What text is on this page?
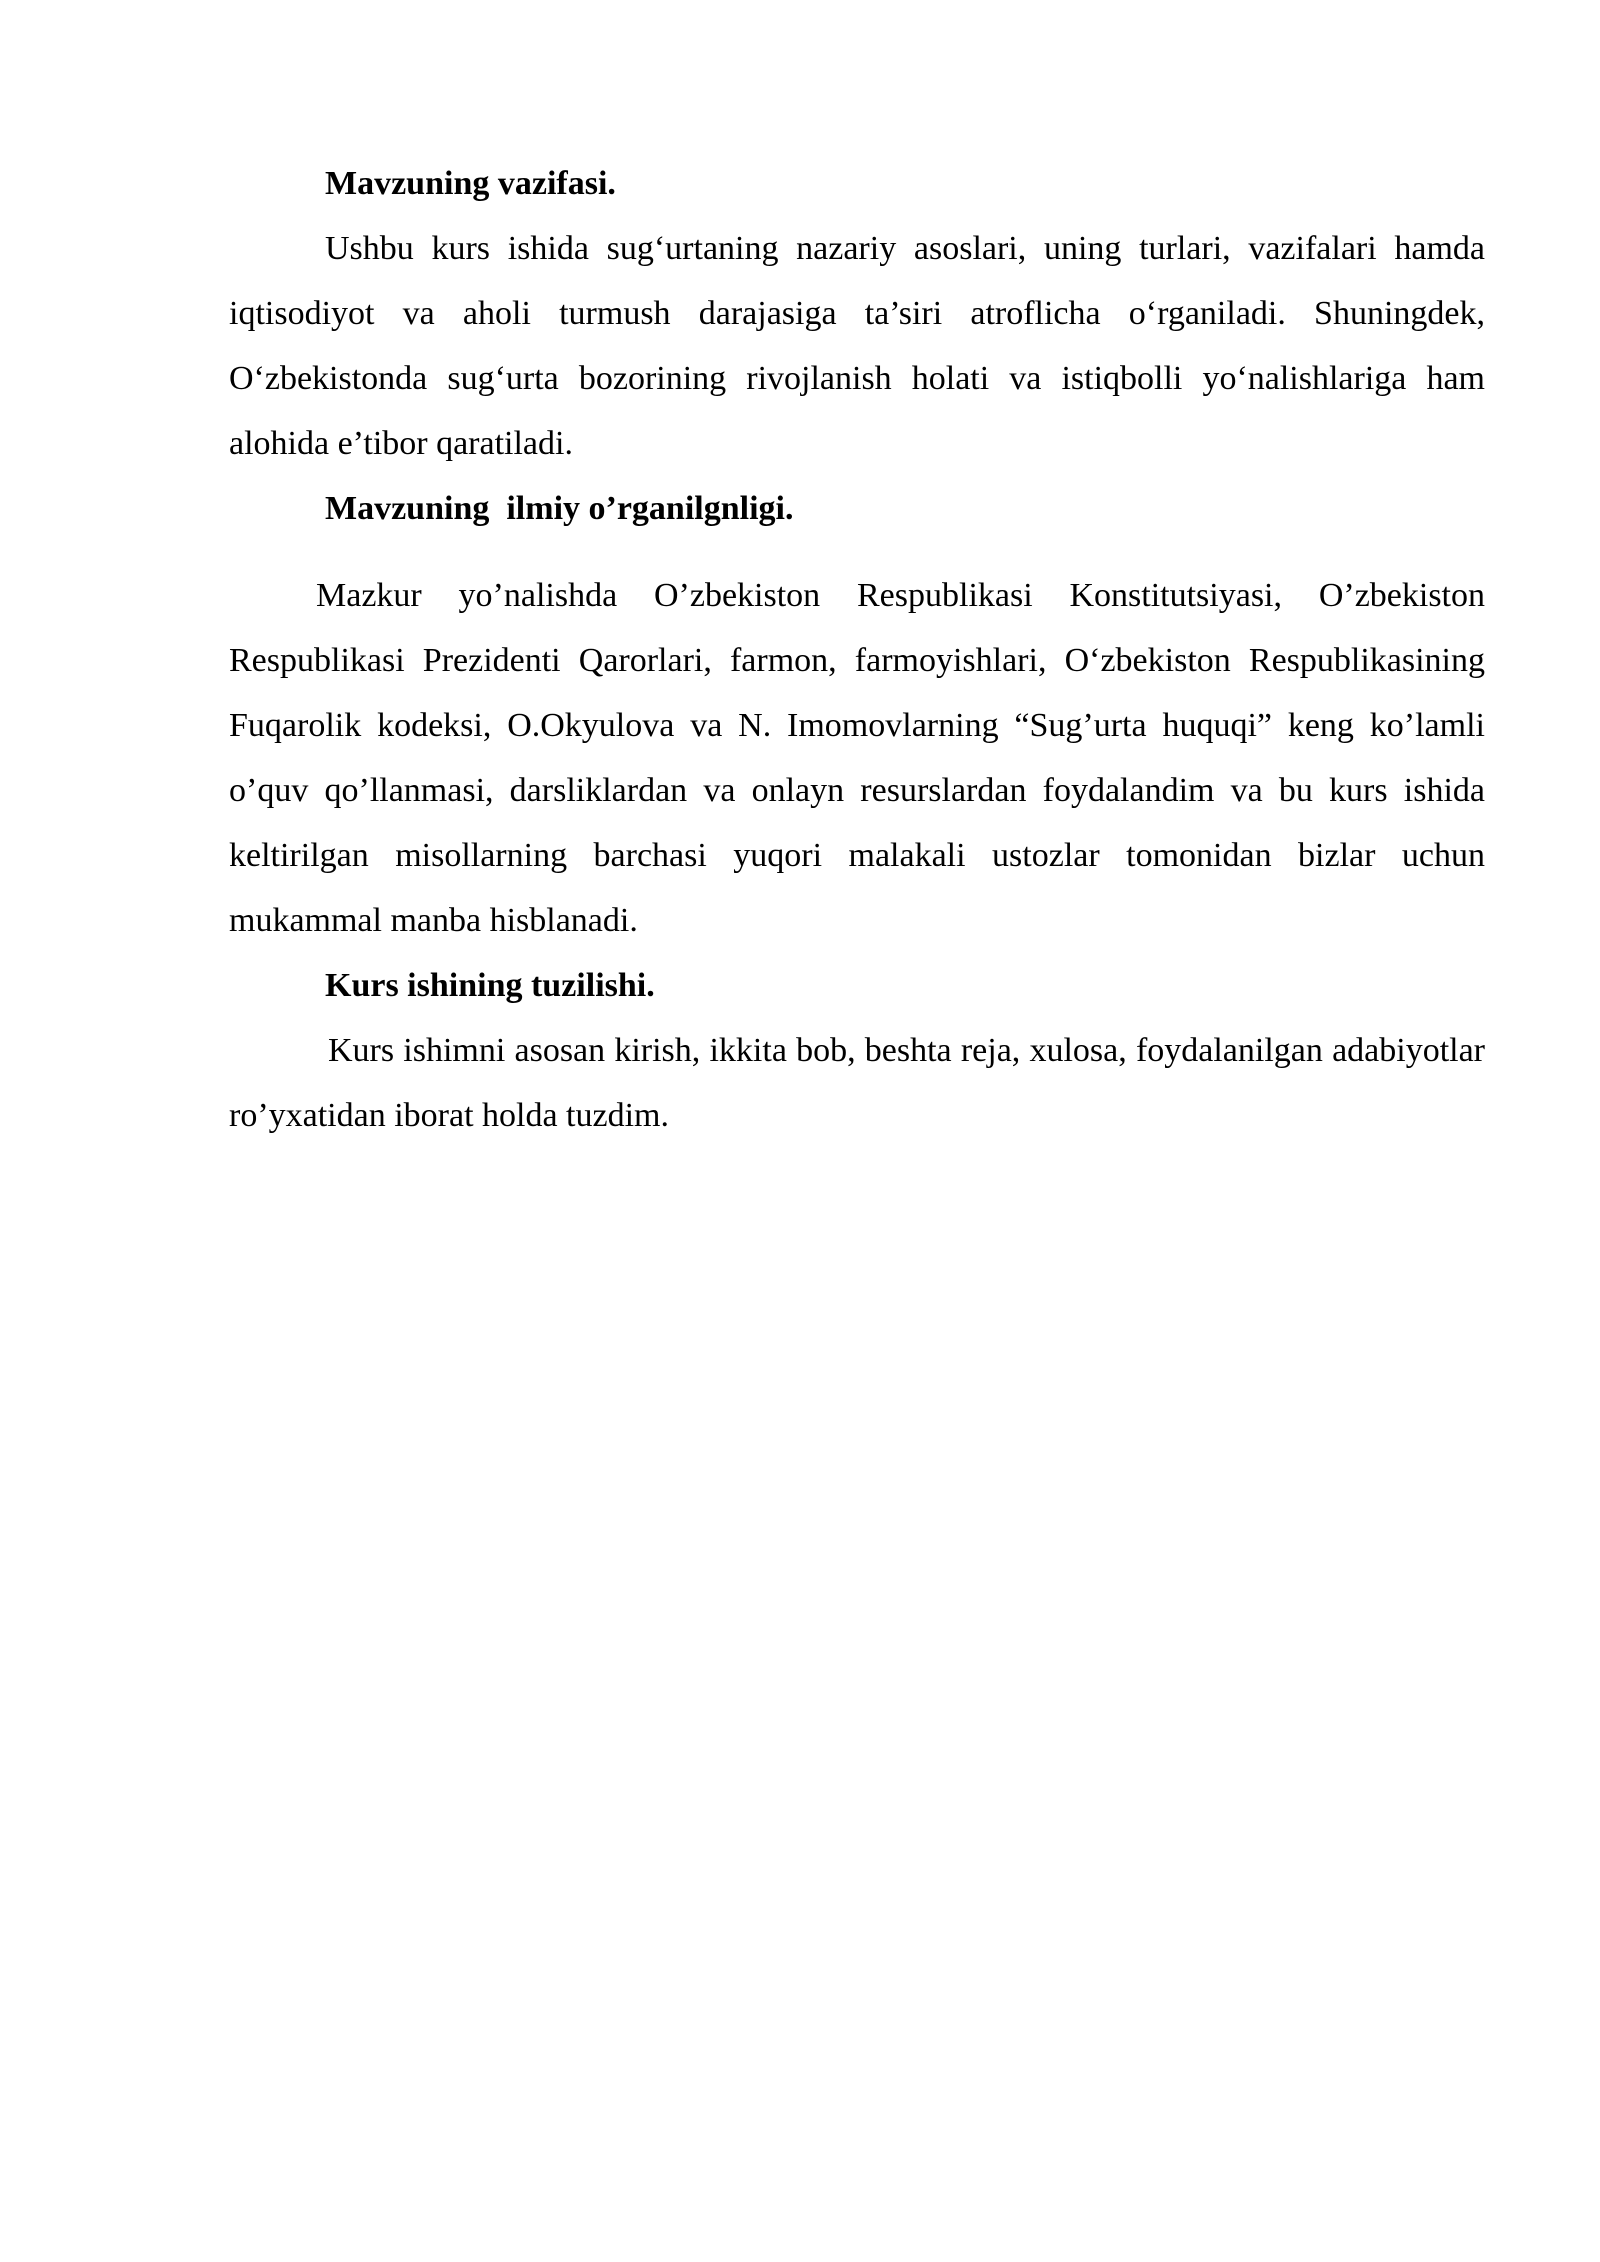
Mavzuning vazifasi.

Ushbu kurs ishida sug‘urtaning nazariy asoslari, uning turlari, vazifalari hamda iqtisodiyot va aholi turmush darajasiga ta’siri atroflicha o‘rganiladi. Shuningdek, O‘zbekistonda sug‘urta bozorining rivojlanish holati va istiqbolli yo‘nalishlariga ham alohida e’tibor qaratiladi.

Mavzuning  ilmiy o’rganilgnligi.

Mazkur yo’nalishda O’zbekiston Respublikasi Konstitutsiyasi, O’zbekiston Respublikasi Prezidenti Qarorlari, farmon, farmoyishlari, O‘zbekiston Respublikasining Fuqarolik kodeksi, O.Okyulova va N. Imomovlarning “Sug’urta huquqi” keng ko’lamli o’quv qo’llanmasi, darsliklardan va onlayn resurslardan foydalandim va bu kurs ishida keltirilgan misollarning barchasi yuqori malakali ustozlar tomonidan bizlar uchun mukammal manba hisblanadi.

Kurs ishining tuzilishi.

Kurs ishimni asosan kirish, ikkita bob, beshta reja, xulosa, foydalanilgan adabiyotlar ro’yxatidan iborat holda tuzdim.
